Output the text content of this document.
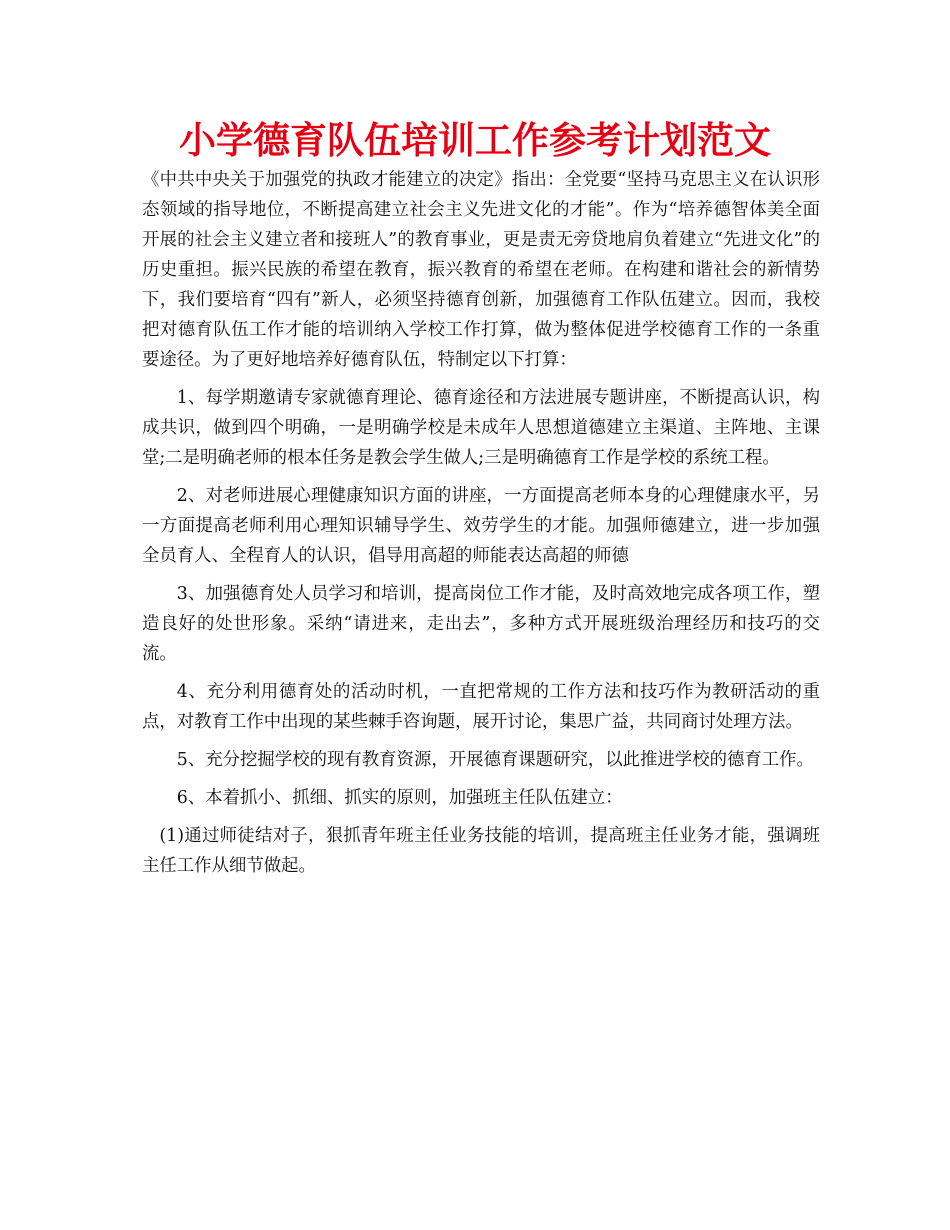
小学德育队伍培训工作参考计划范文

《中共中央关于加强党的执政才能建立的决定》指出：全党要“坚持马克思主义在认识形态领域的指导地位，不断提高建立社会主义先进文化的才能”。作为“培养德智体美全面开展的社会主义建立者和接班人”的教育事业，更是责无旁贷地肩负着建立“先进文化”的历史重担。振兴民族的希望在教育，振兴教育的希望在老师。在构建和谐社会的新情势下，我们要培育“四有”新人，必须坚持德育创新，加强德育工作队伍建立。因而，我校把对德育队伍工作才能的培训纳入学校工作打算，做为整体促进学校德育工作的一条重要途径。为了更好地培养好德育队伍，特制定以下打算：

1、每学期邀请专家就德育理论、德育途径和方法进展专题讲座，不断提高认识，构成共识，做到四个明确，一是明确学校是未成年人思想道德建立主渠道、主阵地、主课堂;二是明确老师的根本任务是教会学生做人;三是明确德育工作是学校的系统工程。

2、对老师进展心理健康知识方面的讲座，一方面提高老师本身的心理健康水平，另一方面提高老师利用心理知识辅导学生、效劳学生的才能。加强师德建立，进一步加强全员育人、全程育人的认识，倡导用高超的师能表达高超的师德

3、加强德育处人员学习和培训，提高岗位工作才能，及时高效地完成各项工作，塑造良好的处世形象。采纳“请进来，走出去”，多种方式开展班级治理经历和技巧的交流。

4、充分利用德育处的活动时机，一直把常规的工作方法和技巧作为教研活动的重点，对教育工作中出现的某些棘手咨询题，展开讨论，集思广益，共同商讨处理方法。

5、充分挖掘学校的现有教育资源，开展德育课题研究，以此推进学校的德育工作。

6、本着抓小、抓细、抓实的原则，加强班主任队伍建立：

(1)通过师徒结对子，狠抓青年班主任业务技能的培训，提高班主任业务才能，强调班主任工作从细节做起。
